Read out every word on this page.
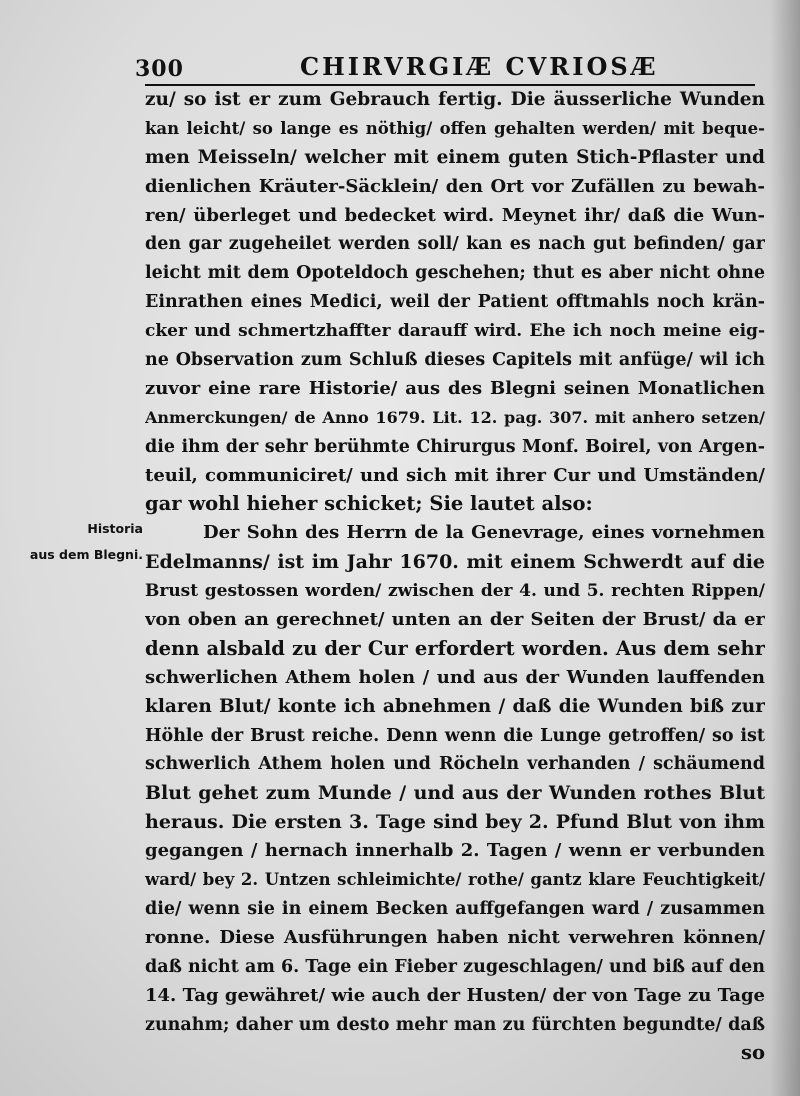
300	CHIRVRGIÆ CVRIOSÆ
Historia
aus dem Blegni.
zu/ so ist er zum Gebrauch fertig. Die äusserliche Wunden
kan leicht/ so lange es nöthig/ offen gehalten werden/ mit beque-
men Meisseln/ welcher mit einem guten Stich-Pflaster und
dienlichen Kräuter-Säcklein/ den Ort vor Zufällen zu bewah-
ren/ überleget und bedecket wird. Meynet ihr/ daß die Wun-
den gar zugeheilet werden soll/ kan es nach gut befinden/ gar
leicht mit dem Opoteldoch geschehen; thut es aber nicht ohne
Einrathen eines Medici, weil der Patient offtmahls noch krän-
cker und schmertzhaffter darauff wird. Ehe ich noch meine eig-
ne Observation zum Schluß dieses Capitels mit anfüge/ wil ich
zuvor eine rare Historie/ aus des Blegni seinen Monatlichen
Anmerckungen/ de Anno 1679. Lit. 12. pag. 307. mit anhero setzen/
die ihm der sehr berühmte Chirurgus Monf. Boirel, von Argen-
teuil, communiciret/ und sich mit ihrer Cur und Umständen/
gar wohl hieher schicket; Sie lautet also:
Der Sohn des Herrn de la Genevrage, eines vornehmen
Edelmanns/ ist im Jahr 1670. mit einem Schwerdt auf die
Brust gestossen worden/ zwischen der 4. und 5. rechten Rippen/
von oben an gerechnet/ unten an der Seiten der Brust/ da er
denn alsbald zu der Cur erfordert worden. Aus dem sehr
schwerlichen Athem holen / und aus der Wunden lauffenden
klaren Blut/ konte ich abnehmen / daß die Wunden biß zur
Höhle der Brust reiche. Denn wenn die Lunge getroffen/ so ist
schwerlich Athem holen und Röcheln verhanden / schäumend
Blut gehet zum Munde / und aus der Wunden rothes Blut
heraus. Die ersten 3. Tage sind bey 2. Pfund Blut von ihm
gegangen / hernach innerhalb 2. Tagen / wenn er verbunden
ward/ bey 2. Untzen schleimichte/ rothe/ gantz klare Feuchtigkeit/
die/ wenn sie in einem Becken auffgefangen ward / zusammen
ronne. Diese Ausführungen haben nicht verwehren können/
daß nicht am 6. Tage ein Fieber zugeschlagen/ und biß auf den
14. Tag gewähret/ wie auch der Husten/ der von Tage zu Tage
zunahm; daher um desto mehr man zu fürchten begundte/ daß
so
